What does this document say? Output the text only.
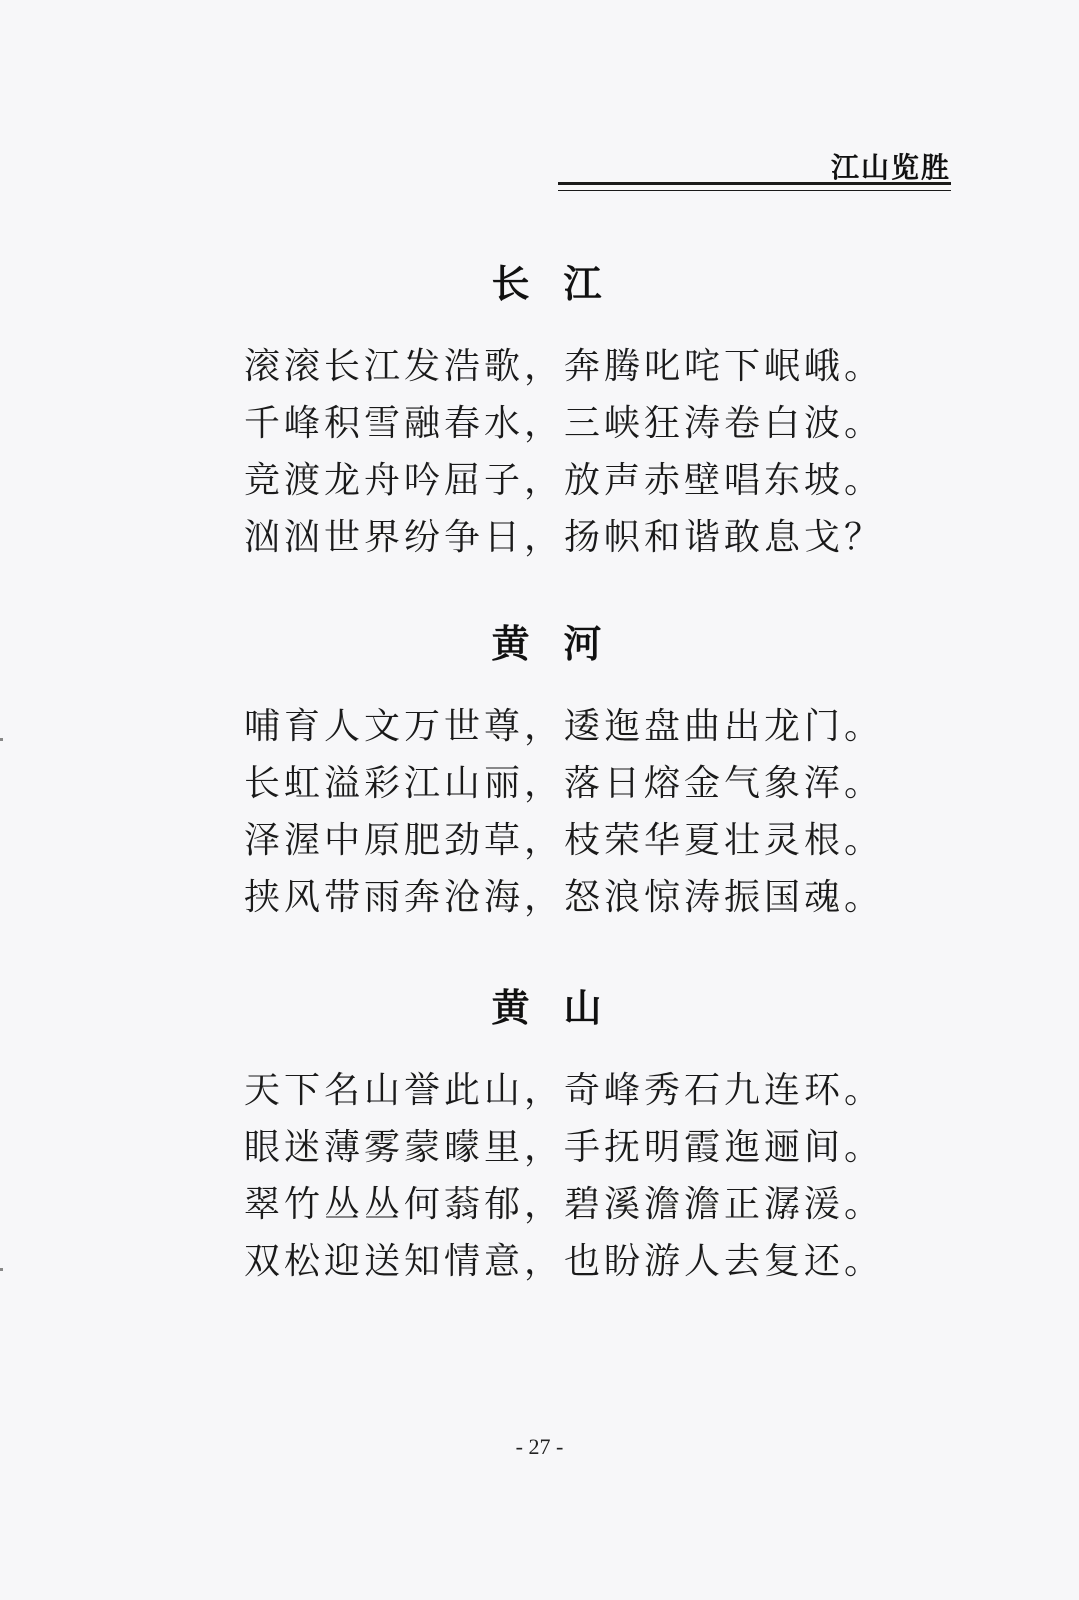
江山览胜
长江
滚滚长江发浩歌，奔腾叱咤下岷峨。
千峰积雪融春水，三峡狂涛卷白波。
竞渡龙舟吟屈子，放声赤壁唱东坡。
汹汹世界纷争日，扬帜和谐敢息戈？
黄河
哺育人文万世尊，逶迤盘曲出龙门。
长虹溢彩江山丽，落日熔金气象浑。
泽渥中原肥劲草，枝荣华夏壮灵根。
挟风带雨奔沧海，怒浪惊涛振国魂。
黄山
天下名山誉此山，奇峰秀石九连环。
眼迷薄雾蒙曚里，手抚明霞迤逦间。
翠竹丛丛何蓊郁，碧溪澹澹正潺湲。
双松迎送知情意，也盼游人去复还。
- 27 -
